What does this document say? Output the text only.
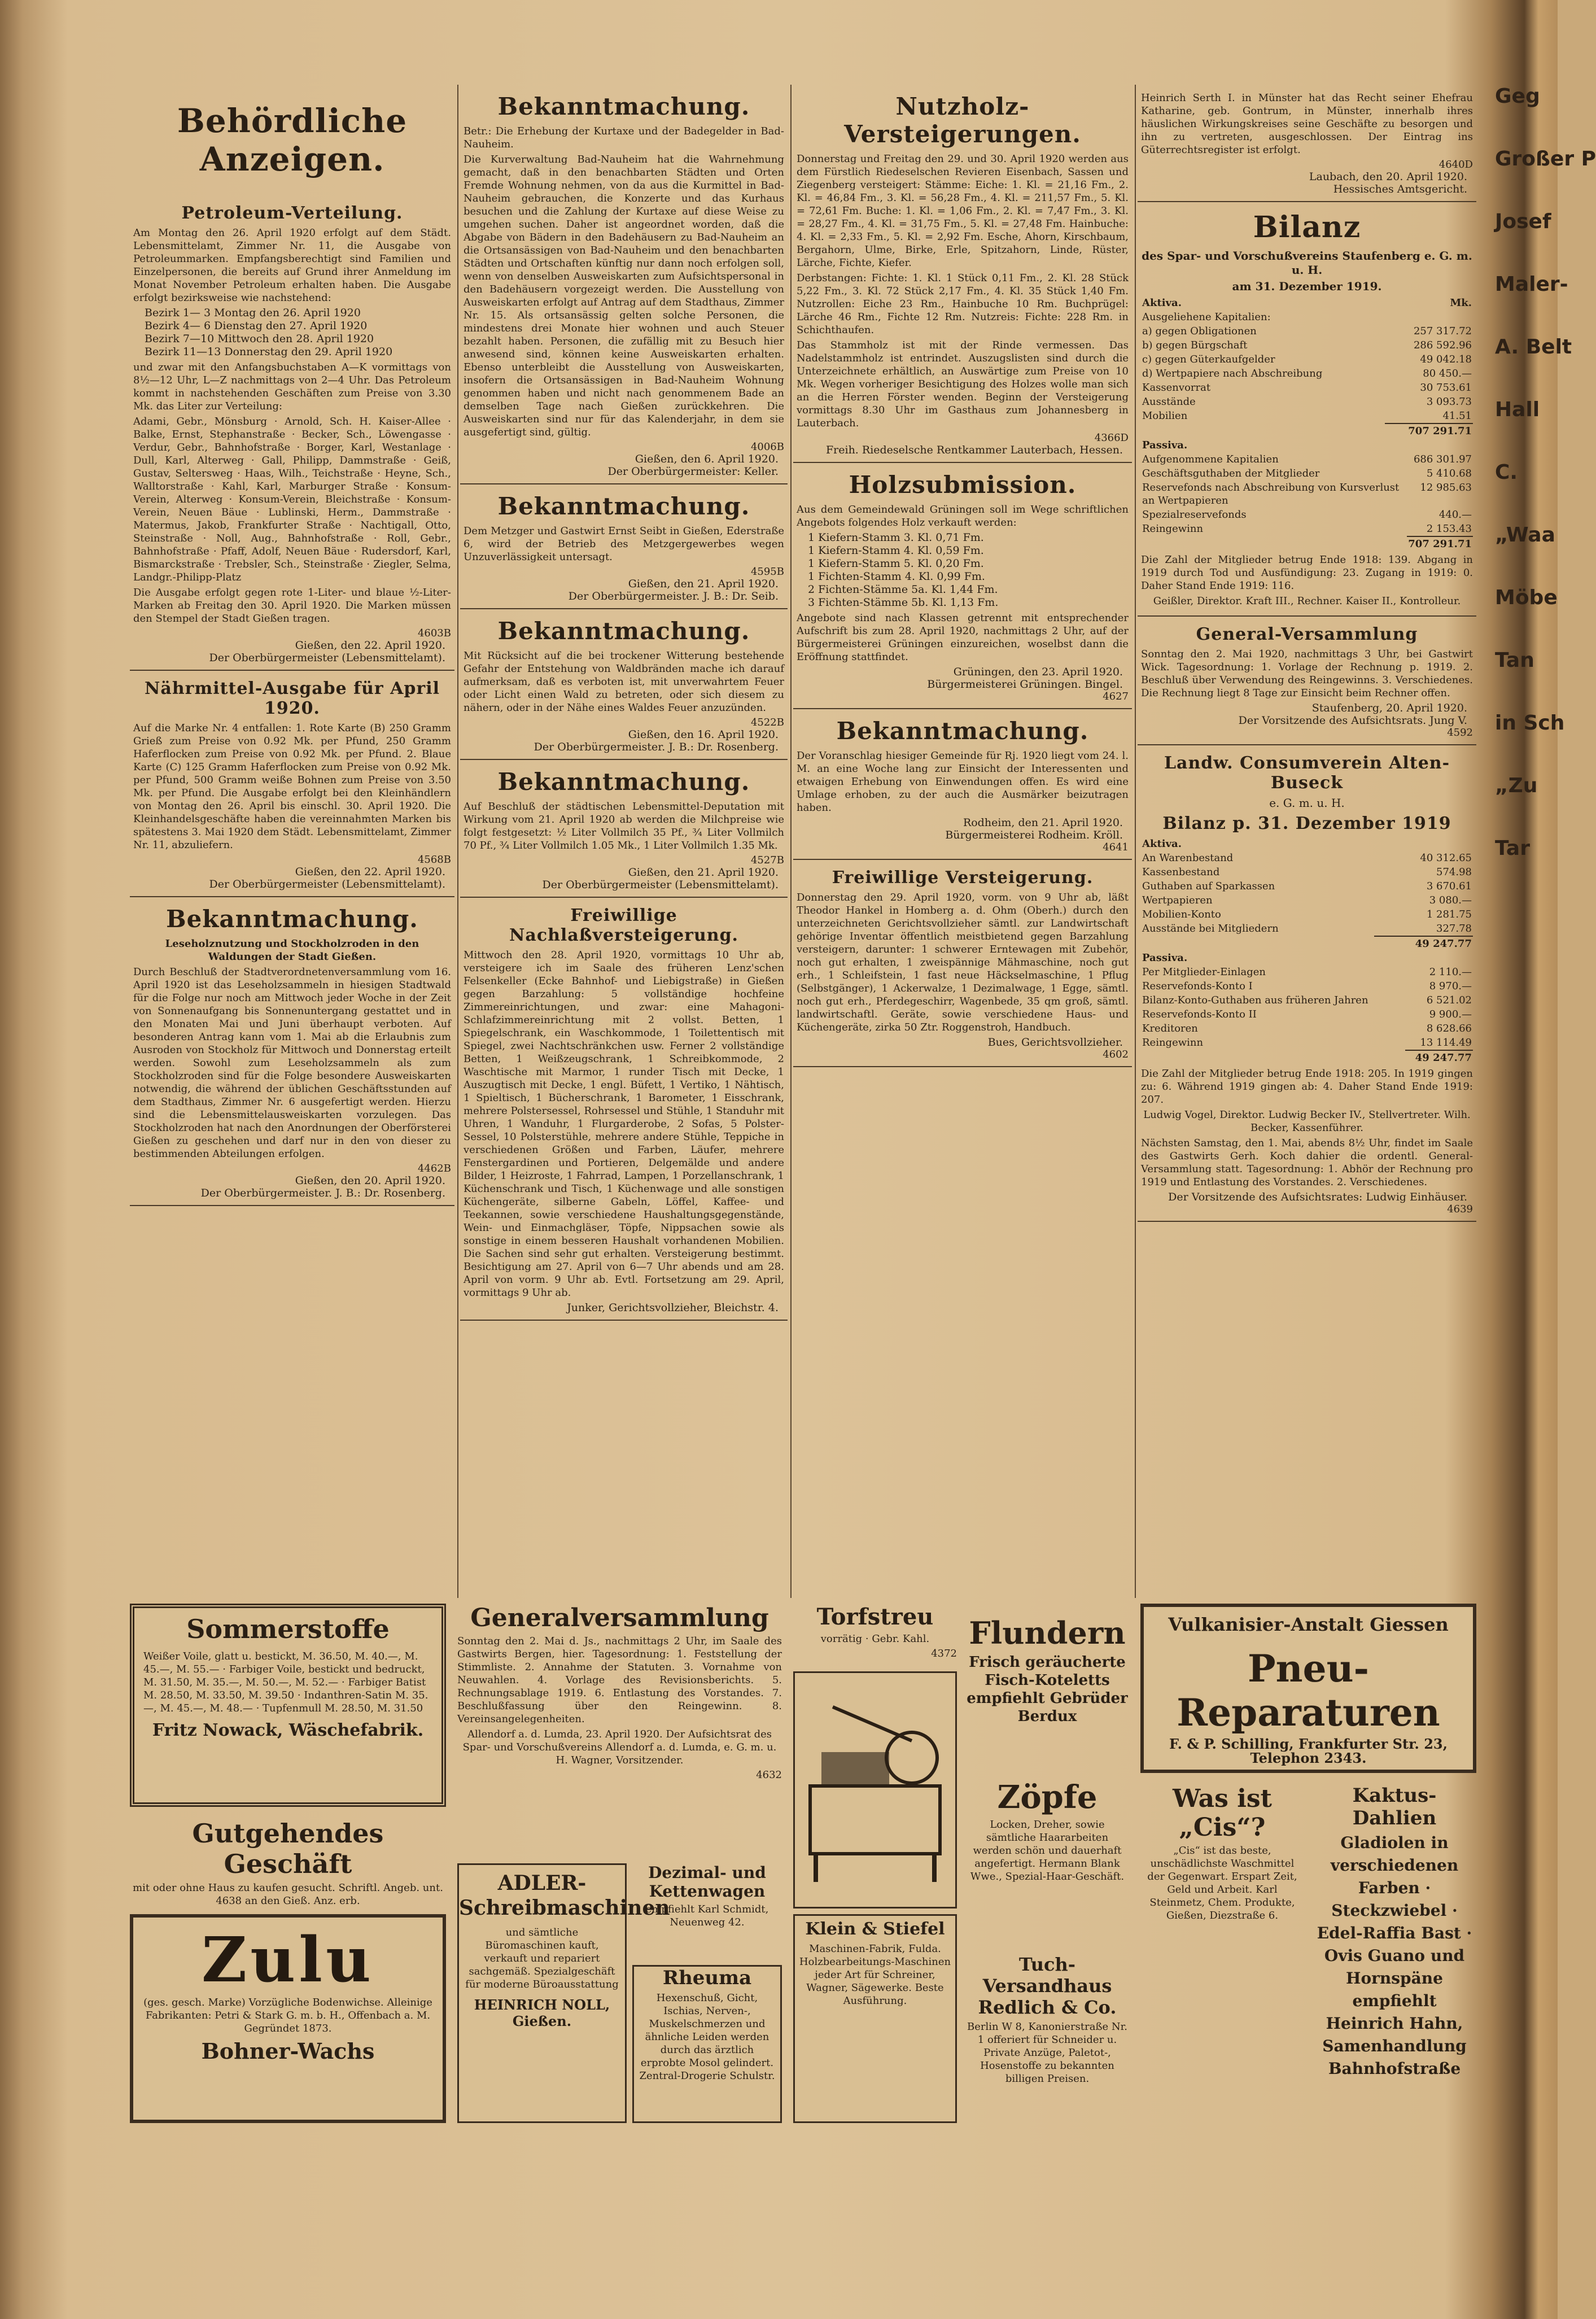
Behördliche Anzeigen.
Petroleum-Verteilung.

Am Montag den 26. April 1920 erfolgt auf dem Städt. Lebensmittelamt, Zimmer Nr. 11, die Ausgabe von Petroleummarken. Empfangsberechtigt sind Familien und Einzelpersonen, die bereits auf Grund ihrer Anmeldung im Monat November Petroleum erhalten haben. Die Ausgabe erfolgt bezirksweise wie nachstehend:

Bezirk 1— 3 Montag den 26. April 1920
Bezirk 4— 6 Dienstag den 27. April 1920
Bezirk 7—10 Mittwoch den 28. April 1920
Bezirk 11—13 Donnerstag den 29. April 1920

und zwar mit den Anfangsbuchstaben A—K vormittags von 8½—12 Uhr, L—Z nachmittags von 2—4 Uhr. Das Petroleum kommt in nachstehenden Geschäften zum Preise von 3.30 Mk. das Liter zur Verteilung:

Adami, Gebr., Mönsburg · Arnold, Sch. H. Kaiser-Allee · Balke, Ernst, Stephanstraße · Becker, Sch., Löwengasse · Verdur, Gebr., Bahnhofstraße · Borger, Karl, Westanlage · Dull, Karl, Alterweg · Gall, Philipp, Dammstraße · Geiß, Gustav, Seltersweg · Haas, Wilh., Teichstraße · Heyne, Sch., Walltorstraße · Kahl, Karl, Marburger Straße · Konsum-Verein, Alterweg · Konsum-Verein, Bleichstraße · Konsum-Verein, Neuen Bäue · Lublinski, Herm., Dammstraße · Matermus, Jakob, Frankfurter Straße · Nachtigall, Otto, Steinstraße · Noll, Aug., Bahnhofstraße · Roll, Gebr., Bahnhofstraße · Pfaff, Adolf, Neuen Bäue · Rudersdorf, Karl, Bismarckstraße · Trebsler, Sch., Steinstraße · Ziegler, Selma, Landgr.-Philipp-Platz

Die Ausgabe erfolgt gegen rote 1-Liter- und blaue ½-Liter-Marken ab Freitag den 30. April 1920. Die Marken müssen den Stempel der Stadt Gießen tragen.

4603B
Gießen, den 22. April 1920.
Der Oberbürgermeister (Lebensmittelamt).
Nährmittel-Ausgabe für April 1920.

Auf die Marke Nr. 4 entfallen: 1. Rote Karte (B) 250 Gramm Grieß zum Preise von 0.92 Mk. per Pfund, 250 Gramm Haferflocken zum Preise von 0.92 Mk. per Pfund. 2. Blaue Karte (C) 125 Gramm Haferflocken zum Preise von 0.92 Mk. per Pfund, 500 Gramm weiße Bohnen zum Preise von 3.50 Mk. per Pfund. Die Ausgabe erfolgt bei den Kleinhändlern von Montag den 26. April bis einschl. 30. April 1920. Die Kleinhandelsgeschäfte haben die vereinnahmten Marken bis spätestens 3. Mai 1920 dem Städt. Lebensmittelamt, Zimmer Nr. 11, abzuliefern.

4568B
Gießen, den 22. April 1920.
Der Oberbürgermeister (Lebensmittelamt).
Bekanntmachung.

Leseholznutzung und Stockholzroden in den Waldungen der Stadt Gießen.

Durch Beschluß der Stadtverordnetenversammlung vom 16. April 1920 ist das Leseholzsammeln in hiesigen Stadtwald für die Folge nur noch am Mittwoch jeder Woche in der Zeit von Sonnenaufgang bis Sonnenuntergang gestattet und in den Monaten Mai und Juni überhaupt verboten. Auf besonderen Antrag kann vom 1. Mai ab die Erlaubnis zum Ausroden von Stockholz für Mittwoch und Donnerstag erteilt werden. Sowohl zum Leseholzsammeln als zum Stockholzroden sind für die Folge besondere Ausweiskarten notwendig, die während der üblichen Geschäftsstunden auf dem Stadthaus, Zimmer Nr. 6 ausgefertigt werden. Hierzu sind die Lebensmittelausweiskarten vorzulegen. Das Stockholzroden hat nach den Anordnungen der Oberförsterei Gießen zu geschehen und darf nur in den von dieser zu bestimmenden Abteilungen erfolgen.

4462B
Gießen, den 20. April 1920.
Der Oberbürgermeister. J. B.: Dr. Rosenberg.
Bekanntmachung.

Betr.: Die Erhebung der Kurtaxe und der Badegelder in Bad-Nauheim.

Die Kurverwaltung Bad-Nauheim hat die Wahrnehmung gemacht, daß in den benachbarten Städten und Orten Fremde Wohnung nehmen, von da aus die Kurmittel in Bad-Nauheim gebrauchen, die Konzerte und das Kurhaus besuchen und die Zahlung der Kurtaxe auf diese Weise zu umgehen suchen. Daher ist angeordnet worden, daß die Abgabe von Bädern in den Badehäusern zu Bad-Nauheim an die Ortsansässigen von Bad-Nauheim und den benachbarten Städten und Ortschaften künftig nur dann noch erfolgen soll, wenn von denselben Ausweiskarten zum Aufsichtspersonal in den Badehäusern vorgezeigt werden. Die Ausstellung von Ausweiskarten erfolgt auf Antrag auf dem Stadthaus, Zimmer Nr. 15. Als ortsansässig gelten solche Personen, die mindestens drei Monate hier wohnen und auch Steuer bezahlt haben. Personen, die zufällig mit zu Besuch hier anwesend sind, können keine Ausweiskarten erhalten. Ebenso unterbleibt die Ausstellung von Ausweiskarten, insofern die Ortsansässigen in Bad-Nauheim Wohnung genommen haben und nicht nach genommenem Bade an demselben Tage nach Gießen zurückkehren. Die Ausweiskarten sind nur für das Kalenderjahr, in dem sie ausgefertigt sind, gültig.

4006B
Gießen, den 6. April 1920.
Der Oberbürgermeister: Keller.
Bekanntmachung.

Dem Metzger und Gastwirt Ernst Seibt in Gießen, Ederstraße 6, wird der Betrieb des Metzgergewerbes wegen Unzuverlässigkeit untersagt.

4595B
Gießen, den 21. April 1920.
Der Oberbürgermeister. J. B.: Dr. Seib.
Bekanntmachung.

Mit Rücksicht auf die bei trockener Witterung bestehende Gefahr der Entstehung von Waldbränden mache ich darauf aufmerksam, daß es verboten ist, mit unverwahrtem Feuer oder Licht einen Wald zu betreten, oder sich diesem zu nähern, oder in der Nähe eines Waldes Feuer anzuzünden.

4522B
Gießen, den 16. April 1920.
Der Oberbürgermeister. J. B.: Dr. Rosenberg.
Bekanntmachung.

Auf Beschluß der städtischen Lebensmittel-Deputation mit Wirkung vom 21. April 1920 ab werden die Milchpreise wie folgt festgesetzt: ½ Liter Vollmilch 35 Pf., ¾ Liter Vollmilch 70 Pf., ¾ Liter Vollmilch 1.05 Mk., 1 Liter Vollmilch 1.35 Mk.

4527B
Gießen, den 21. April 1920.
Der Oberbürgermeister (Lebensmittelamt).
Freiwillige Nachlaßversteigerung.

Mittwoch den 28. April 1920, vormittags 10 Uhr ab, versteigere ich im Saale des früheren Lenz'schen Felsenkeller (Ecke Bahnhof- und Liebigstraße) in Gießen gegen Barzahlung: 5 vollständige hochfeine Zimmereinrichtungen, und zwar: eine Mahagoni-Schlafzimmereinrichtung mit 2 vollst. Betten, 1 Spiegelschrank, ein Waschkommode, 1 Toilettentisch mit Spiegel, zwei Nachtschränkchen usw. Ferner 2 vollständige Betten, 1 Weißzeugschrank, 1 Schreibkommode, 2 Waschtische mit Marmor, 1 runder Tisch mit Decke, 1 Auszugtisch mit Decke, 1 engl. Büfett, 1 Vertiko, 1 Nähtisch, 1 Spieltisch, 1 Bücherschrank, 1 Barometer, 1 Eisschrank, mehrere Polstersessel, Rohrsessel und Stühle, 1 Standuhr mit Uhren, 1 Wanduhr, 1 Flurgarderobe, 2 Sofas, 5 Polster-Sessel, 10 Polsterstühle, mehrere andere Stühle, Teppiche in verschiedenen Größen und Farben, Läufer, mehrere Fenstergardinen und Portieren, Delgemälde und andere Bilder, 1 Heizroste, 1 Fahrrad, Lampen, 1 Porzellanschrank, 1 Küchenschrank und Tisch, 1 Küchenwage und alle sonstigen Küchengeräte, silberne Gabeln, Löffel, Kaffee- und Teekannen, sowie verschiedene Haushaltungsgegenstände, Wein- und Einmachgläser, Töpfe, Nippsachen sowie als sonstige in einem besseren Haushalt vorhandenen Mobilien. Die Sachen sind sehr gut erhalten. Versteigerung bestimmt. Besichtigung am 27. April von 6—7 Uhr abends und am 28. April von vorm. 9 Uhr ab. Evtl. Fortsetzung am 29. April, vormittags 9 Uhr ab.

Junker, Gerichtsvollzieher, Bleichstr. 4.
Nutzholz-Versteigerungen.

Donnerstag und Freitag den 29. und 30. April 1920 werden aus dem Fürstlich Riedeselschen Revieren Eisenbach, Sassen und Ziegenberg versteigert: Stämme: Eiche: 1. Kl. = 21,16 Fm., 2. Kl. = 46,84 Fm., 3. Kl. = 56,28 Fm., 4. Kl. = 211,57 Fm., 5. Kl. = 72,61 Fm. Buche: 1. Kl. = 1,06 Fm., 2. Kl. = 7,47 Fm., 3. Kl. = 28,27 Fm., 4. Kl. = 31,75 Fm., 5. Kl. = 27,48 Fm. Hainbuche: 4. Kl. = 2,33 Fm., 5. Kl. = 2,92 Fm. Esche, Ahorn, Kirschbaum, Bergahorn, Ulme, Birke, Erle, Spitzahorn, Linde, Rüster, Lärche, Fichte, Kiefer.

Derbstangen: Fichte: 1. Kl. 1 Stück 0,11 Fm., 2. Kl. 28 Stück 5,22 Fm., 3. Kl. 72 Stück 2,17 Fm., 4. Kl. 35 Stück 1,40 Fm. Nutzrollen: Eiche 23 Rm., Hainbuche 10 Rm. Buchprügel: Lärche 46 Rm., Fichte 12 Rm. Nutzreis: Fichte: 228 Rm. in Schichthaufen.

Das Stammholz ist mit der Rinde vermessen. Das Nadelstammholz ist entrindet. Auszugslisten sind durch die Unterzeichnete erhältlich, an Auswärtige zum Preise von 10 Mk. Wegen vorheriger Besichtigung des Holzes wolle man sich an die Herren Förster wenden. Beginn der Versteigerung vormittags 8.30 Uhr im Gasthaus zum Johannesberg in Lauterbach.

4366D
Freih. Riedeselsche Rentkammer Lauterbach, Hessen.
Holzsubmission.

Aus dem Gemeindewald Grüningen soll im Wege schriftlichen Angebots folgendes Holz verkauft werden:

1 Kiefern-Stamm 3. Kl. 0,71 Fm.
1 Kiefern-Stamm 4. Kl. 0,59 Fm.
1 Kiefern-Stamm 5. Kl. 0,20 Fm.
1 Fichten-Stamm 4. Kl. 0,99 Fm.
2 Fichten-Stämme 5a. Kl. 1,44 Fm.
3 Fichten-Stämme 5b. Kl. 1,13 Fm.

Angebote sind nach Klassen getrennt mit entsprechender Aufschrift bis zum 28. April 1920, nachmittags 2 Uhr, auf der Bürgermeisterei Grüningen einzureichen, woselbst dann die Eröffnung stattfindet.

Grüningen, den 23. April 1920.
Bürgermeisterei Grüningen. Bingel.
4627
Bekanntmachung.

Der Voranschlag hiesiger Gemeinde für Rj. 1920 liegt vom 24. l. M. an eine Woche lang zur Einsicht der Interessenten und etwaigen Erhebung von Einwendungen offen. Es wird eine Umlage erhoben, zu der auch die Ausmärker beizutragen haben.

Rodheim, den 21. April 1920.
Bürgermeisterei Rodheim. Kröll.
4641
Freiwillige Versteigerung.

Donnerstag den 29. April 1920, vorm. von 9 Uhr ab, läßt Theodor Hankel in Homberg a. d. Ohm (Oberh.) durch den unterzeichneten Gerichtsvollzieher sämtl. zur Landwirtschaft gehörige Inventar öffentlich meistbietend gegen Barzahlung versteigern, darunter: 1 schwerer Erntewagen mit Zubehör, noch gut erhalten, 1 zweispännige Mähmaschine, noch gut erh., 1 Schleifstein, 1 fast neue Häckselmaschine, 1 Pflug (Selbstgänger), 1 Ackerwalze, 1 Dezimalwage, 1 Egge, sämtl. noch gut erh., Pferdegeschirr, Wagenbede, 35 qm groß, sämtl. landwirtschaftl. Geräte, sowie verschiedene Haus- und Küchengeräte, zirka 50 Ztr. Roggenstroh, Handbuch.

Bues, Gerichtsvollzieher.
4602

Heinrich Serth I. in Münster hat das Recht seiner Ehefrau Katharine, geb. Gontrum, in Münster, innerhalb ihres häuslichen Wirkungskreises seine Geschäfte zu besorgen und ihn zu vertreten, ausgeschlossen. Der Eintrag ins Güterrechtsregister ist erfolgt.

4640D
Laubach, den 20. April 1920.
Hessisches Amtsgericht.
Bilanz

des Spar- und Vorschußvereins Staufenberg e. G. m. u. H.

am 31. Dezember 1919.

Aktiva.	Mk.
Ausgeliehene Kapitalien:	
a) gegen Obligationen	257 317.72
b) gegen Bürgschaft	286 592.96
c) gegen Güterkaufgelder	49 042.18
d) Wertpapiere nach Abschreibung	80 450.—
Kassenvorrat	30 753.61
Ausstände	3 093.73
Mobilien	41.51
	707 291.71
Passiva.	
Aufgenommene Kapitalien	686 301.97
Geschäftsguthaben der Mitglieder	5 410.68
Reservefonds nach Abschreibung von Kursverlust an Wertpapieren	12 985.63
Spezialreservefonds	440.—
Reingewinn	2 153.43
	707 291.71

Die Zahl der Mitglieder betrug Ende 1918: 139. Abgang in 1919 durch Tod und Ausfündigung: 23. Zugang in 1919: 0. Daher Stand Ende 1919: 116.

Geißler, Direktor. Kraft III., Rechner. Kaiser II., Kontrolleur.

General-Versammlung

Sonntag den 2. Mai 1920, nachmittags 3 Uhr, bei Gastwirt Wick. Tagesordnung: 1. Vorlage der Rechnung p. 1919. 2. Beschluß über Verwendung des Reingewinns. 3. Verschiedenes. Die Rechnung liegt 8 Tage zur Einsicht beim Rechner offen.

Staufenberg, 20. April 1920.
Der Vorsitzende des Aufsichtsrats. Jung V.
4592
Landw. Consumverein Alten-Buseck

e. G. m. u. H.

Bilanz p. 31. Dezember 1919
Aktiva.	
An Warenbestand	40 312.65
Kassenbestand	574.98
Guthaben auf Sparkassen	3 670.61
Wertpapieren	3 080.—
Mobilien-Konto	1 281.75
Ausstände bei Mitgliedern	327.78
	49 247.77
Passiva.	
Per Mitglieder-Einlagen	2 110.—
Reservefonds-Konto I	8 970.—
Bilanz-Konto-Guthaben aus früheren Jahren	6 521.02
Reservefonds-Konto II	9 900.—
Kreditoren	8 628.66
Reingewinn	13 114.49
	49 247.77

Die Zahl der Mitglieder betrug Ende 1918: 205. In 1919 gingen zu: 6. Während 1919 gingen ab: 4. Daher Stand Ende 1919: 207.

Ludwig Vogel, Direktor. Ludwig Becker IV., Stellvertreter. Wilh. Becker, Kassenführer.

Nächsten Samstag, den 1. Mai, abends 8½ Uhr, findet im Saale des Gastwirts Gerh. Koch dahier die ordentl. General-Versammlung statt. Tagesordnung: 1. Abhör der Rechnung pro 1919 und Entlastung des Vorstandes. 2. Verschiedenes.

Der Vorsitzende des Aufsichtsrates: Ludwig Einhäuser.
4639
Sommerstoffe

Weißer Voile, glatt u. bestickt, M. 36.50, M. 40.—, M. 45.—, M. 55.— · Farbiger Voile, bestickt und bedruckt, M. 31.50, M. 35.—, M. 50.—, M. 52.— · Farbiger Batist M. 28.50, M. 33.50, M. 39.50 · Indanthren-Satin M. 35.—, M. 45.—, M. 48.— · Tupfenmull M. 28.50, M. 31.50

Fritz Nowack, Wäschefabrik.
Gutgehendes Geschäft

mit oder ohne Haus zu kaufen gesucht. Schriftl. Angeb. unt. 4638 an den Gieß. Anz. erb.

Zulu

(ges. gesch. Marke) Vorzügliche Bodenwichse. Alleinige Fabrikanten: Petri & Stark G. m. b. H., Offenbach a. M. Gegründet 1873.

Bohner-Wachs
Generalversammlung

Sonntag den 2. Mai d. Js., nachmittags 2 Uhr, im Saale des Gastwirts Bergen, hier. Tagesordnung: 1. Feststellung der Stimmliste. 2. Annahme der Statuten. 3. Vornahme von Neuwahlen. 4. Vorlage des Revisionsberichts. 5. Rechnungsablage 1919. 6. Entlastung des Vorstandes. 7. Beschlußfassung über den Reingewinn. 8. Vereinsangelegenheiten.

Allendorf a. d. Lumda, 23. April 1920. Der Aufsichtsrat des Spar- und Vorschußvereins Allendorf a. d. Lumda, e. G. m. u. H. Wagner, Vorsitzender.

4632
ADLER-Schreibmaschinen

und sämtliche Büromaschinen kauft, verkauft und repariert sachgemäß. Spezialgeschäft für moderne Büroausstattung

HEINRICH NOLL, Gießen.
Dezimal- und Kettenwagen

empfiehlt Karl Schmidt, Neuenweg 42.

Rheuma

Hexenschuß, Gicht, Ischias, Nerven-, Muskelschmerzen und ähnliche Leiden werden durch das ärztlich erprobte Mosol gelindert. Zentral-Drogerie Schulstr.

Torfstreu

vorrätig · Gebr. Kahl.

4372
Klein & Stiefel

Maschinen-Fabrik, Fulda. Holzbearbeitungs-Maschinen jeder Art für Schreiner, Wagner, Sägewerke. Beste Ausführung.

Flundern

Frisch geräucherte Fisch-Koteletts empfiehlt Gebrüder Berdux

Zöpfe

Locken, Dreher, sowie sämtliche Haararbeiten werden schön und dauerhaft angefertigt. Hermann Blank Wwe., Spezial-Haar-Geschäft.

Tuch-Versandhaus Redlich & Co.

Berlin W 8, Kanonierstraße Nr. 1 offeriert für Schneider u. Private Anzüge, Paletot-, Hosenstoffe zu bekannten billigen Preisen.

Vulkanisier-Anstalt Giessen
Pneu-Reparaturen

F. & P. Schilling, Frankfurter Str. 23, Telephon 2343.

Was ist „Cis“?

„Cis“ ist das beste, unschädlichste Waschmittel der Gegenwart. Erspart Zeit, Geld und Arbeit. Karl Steinmetz, Chem. Produkte, Gießen, Diezstraße 6.

Kaktus-Dahlien

Gladiolen in verschiedenen Farben · Steckzwiebel · Edel-Raffia Bast · Ovis Guano und Hornspäne empfiehlt Heinrich Hahn, Samenhandlung Bahnhofstraße

Geg
Großer P
Josef
Maler-
A. Belt
Hall
C.
„Waa
Möbe
Tan
in Sch
„Zu
Tar
